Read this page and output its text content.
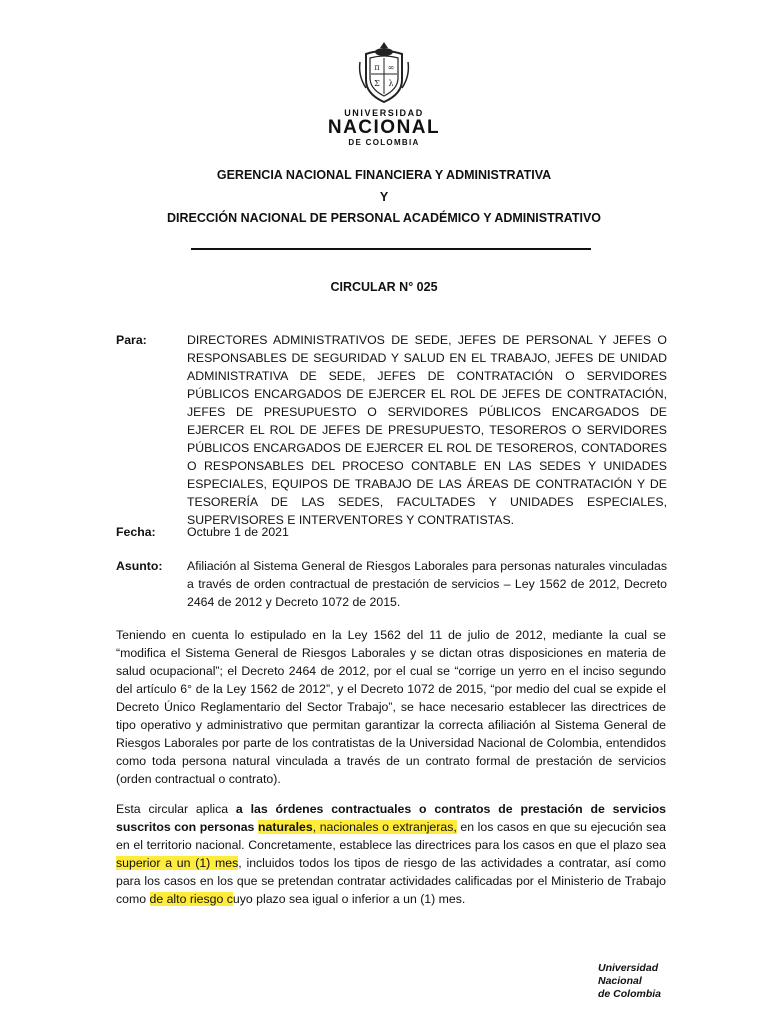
π ∞
Σ λ
UNIVERSIDAD
NACIONAL
DE COLOMBIA
GERENCIA NACIONAL FINANCIERA Y ADMINISTRATIVA
Y
DIRECCIÓN NACIONAL DE PERSONAL ACADÉMICO Y ADMINISTRATIVO
CIRCULAR N° 025
Para:	DIRECTORES ADMINISTRATIVOS DE SEDE, JEFES DE PERSONAL Y JEFES O RESPONSABLES DE SEGURIDAD Y SALUD EN EL TRABAJO, JEFES DE UNIDAD ADMINISTRATIVA DE SEDE, JEFES DE CONTRATACIÓN O SERVIDORES PÚBLICOS ENCARGADOS DE EJERCER EL ROL DE JEFES DE CONTRATACIÓN, JEFES DE PRESUPUESTO O SERVIDORES PÚBLICOS ENCARGADOS DE EJERCER EL ROL DE JEFES DE PRESUPUESTO, TESOREROS O SERVIDORES PÚBLICOS ENCARGADOS DE EJERCER EL ROL DE TESOREROS, CONTADORES O RESPONSABLES DEL PROCESO CONTABLE EN LAS SEDES Y UNIDADES ESPECIALES, EQUIPOS DE TRABAJO DE LAS ÁREAS DE CONTRATACIÓN Y DE TESORERÍA DE LAS SEDES, FACULTADES Y UNIDADES ESPECIALES, SUPERVISORES E INTERVENTORES Y CONTRATISTAS.
Fecha:	Octubre 1 de 2021
Asunto: Afiliación al Sistema General de Riesgos Laborales para personas naturales vinculadas a través de orden contractual de prestación de servicios – Ley 1562 de 2012, Decreto 2464 de 2012 y Decreto 1072 de 2015.
Teniendo en cuenta lo estipulado en la Ley 1562 del 11 de julio de 2012, mediante la cual se “modifica el Sistema General de Riesgos Laborales y se dictan otras disposiciones en materia de salud ocupacional”; el Decreto 2464 de 2012, por el cual se “corrige un yerro en el inciso segundo del artículo 6° de la Ley 1562 de 2012”, y el Decreto 1072 de 2015, “por medio del cual se expide el Decreto Único Reglamentario del Sector Trabajo”, se hace necesario establecer las directrices de tipo operativo y administrativo que permitan garantizar la correcta afiliación al Sistema General de Riesgos Laborales por parte de los contratistas de la Universidad Nacional de Colombia, entendidos como toda persona natural vinculada a través de un contrato formal de prestación de servicios (orden contractual o contrato).
Esta circular aplica a las órdenes contractuales o contratos de prestación de servicios suscritos con personas naturales, nacionales o extranjeras, en los casos en que su ejecución sea en el territorio nacional. Concretamente, establece las directrices para los casos en que el plazo sea superior a un (1) mes, incluidos todos los tipos de riesgo de las actividades a contratar, así como para los casos en los que se pretendan contratar actividades calificadas por el Ministerio de Trabajo como de alto riesgo cuyo plazo sea igual o inferior a un (1) mes.
Universidad
Nacional
de Colombia
